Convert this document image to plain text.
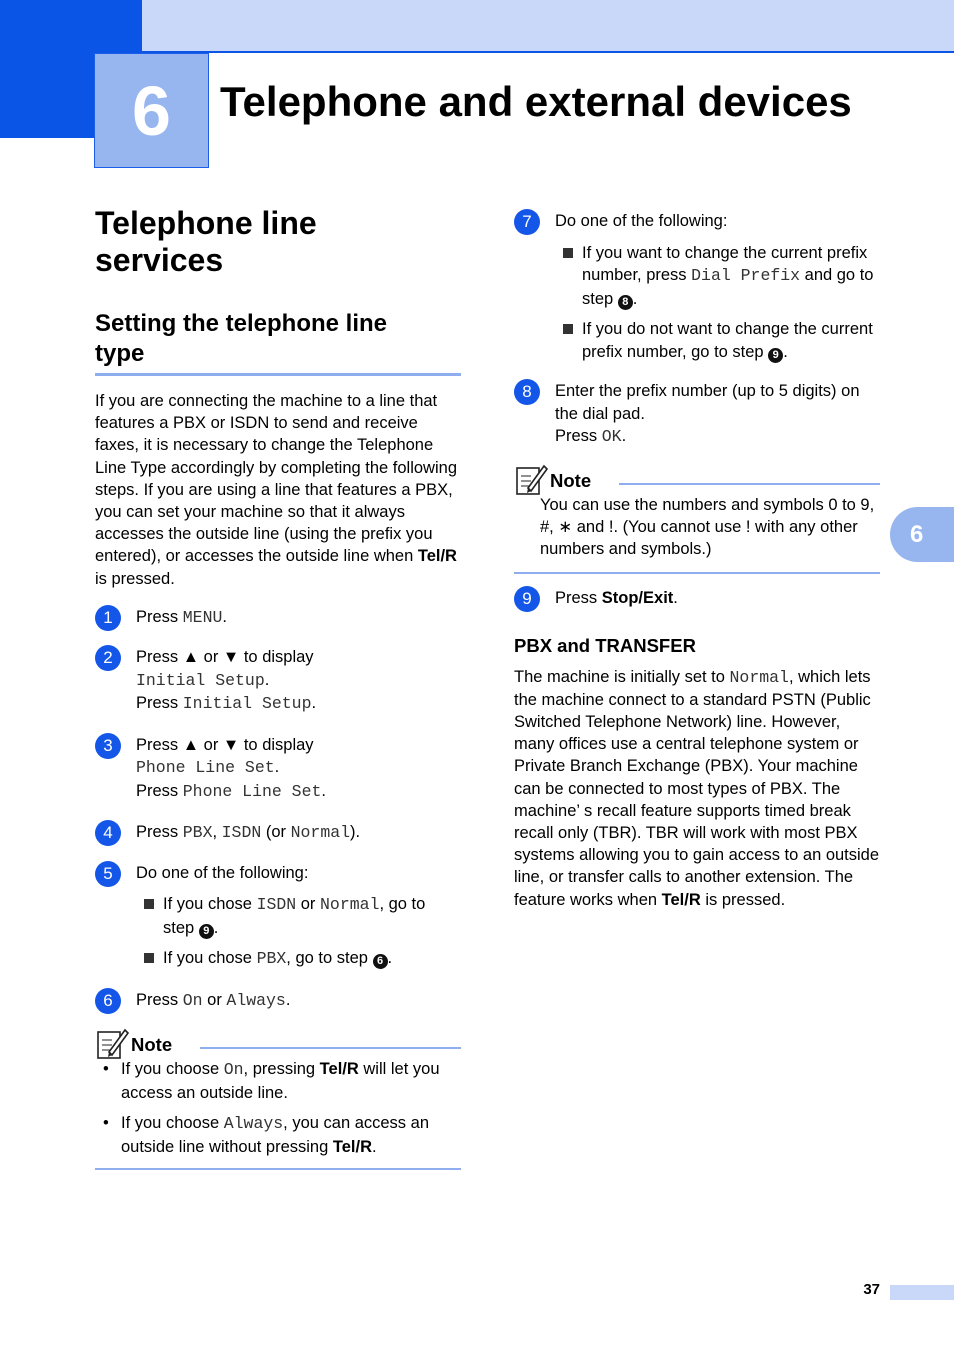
6	Telephone and external devices
6
37
Telephone line
services
Setting the telephone line
type

If you are connecting the machine to a line that features a PBX or ISDN to send and receive faxes, it is necessary to change the Telephone Line Type accordingly by completing the following steps. If you are using a line that features a PBX, you can set your machine so that it always accesses the outside line (using the prefix you entered), or accesses the outside line when Tel/R is pressed.

1	Press MENU.
2	Press ▲ or ▼ to display
Initial Setup.
Press Initial Setup.
3	Press ▲ or ▼ to display
Phone Line Set.
Press Phone Line Set.
4	Press PBX, ISDN (or Normal).
5	Do one of the following:
If you chose ISDN or Normal, go to step 9 .
If you chose PBX, go to step 6 .
6	Press On or Always.
Note
• If you choose On, pressing Tel/R will let you access an outside line.
• If you choose Always, you can access an outside line without pressing Tel/R.
7	Do one of the following:
If you want to change the current prefix number, press Dial Prefix and go to step 8 .
If you do not want to change the current prefix number, go to step 9 .
8	Enter the prefix number (up to 5 digits) on the dial pad.
Press OK.
Note
You can use the numbers and symbols 0 to 9, #, ∗ and !. (You cannot use ! with any other numbers and symbols.)
9	Press Stop/Exit.
PBX and TRANSFER

The machine is initially set to Normal, which lets the machine connect to a standard PSTN (Public Switched Telephone Network) line. However, many offices use a central telephone system or Private Branch Exchange (PBX). Your machine can be connected to most types of PBX. The machine’ s recall feature supports timed break recall only (TBR). TBR will work with most PBX systems allowing you to gain access to an outside line, or transfer calls to another extension. The feature works when Tel/R is pressed.
